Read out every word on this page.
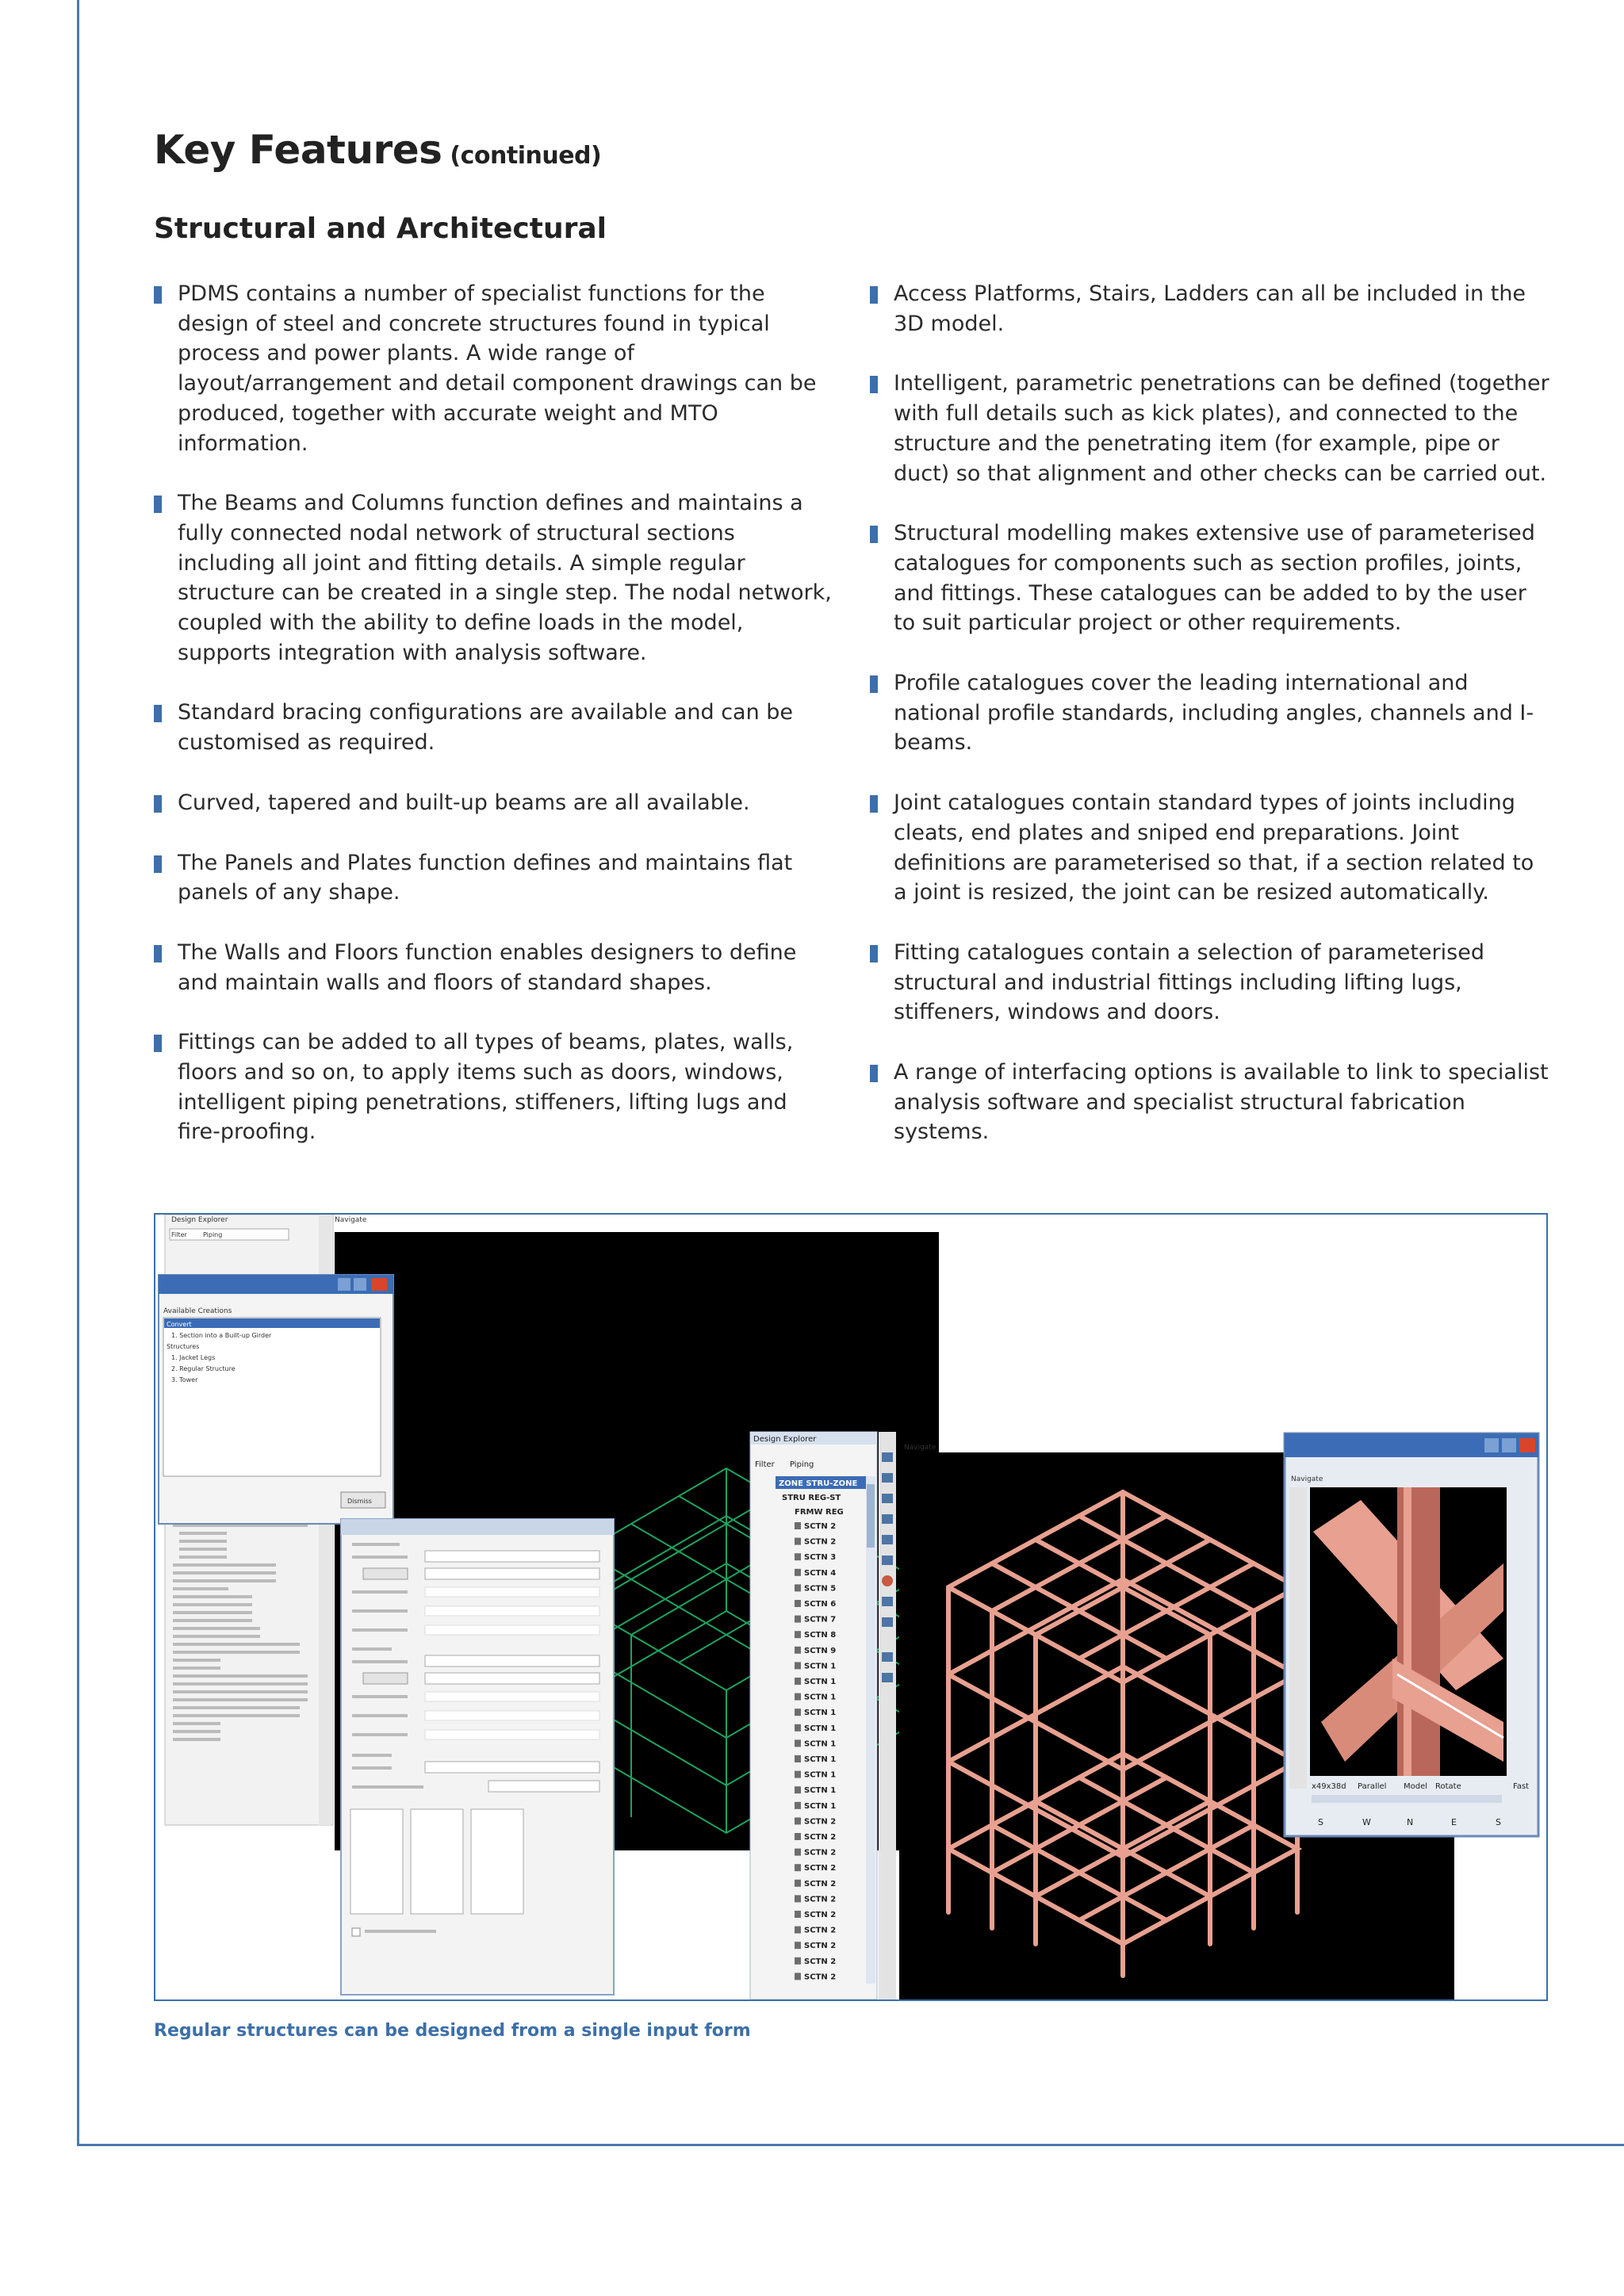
Key Features (continued)
Structural and Architectural
PDMS contains a number of specialist functions for the design of steel and concrete structures found in typical process and power plants. A wide range of layout/arrangement and detail component drawings can be produced, together with accurate weight and MTO information.
The Beams and Columns function defines and maintains a fully connected nodal network of structural sections including all joint and fitting details. A simple regular structure can be created in a single step. The nodal network, coupled with the ability to define loads in the model, supports integration with analysis software.
Standard bracing configurations are available and can be customised as required.
Curved, tapered and built-up beams are all available.
The Panels and Plates function defines and maintains flat panels of any shape.
The Walls and Floors function enables designers to define and maintain walls and floors of standard shapes.
Fittings can be added to all types of beams, plates, walls, floors and so on, to apply items such as doors, windows, intelligent piping penetrations, stiffeners, lifting lugs and fire-proofing.
Access Platforms, Stairs, Ladders can all be included in the 3D model.
Intelligent, parametric penetrations can be defined (together with full details such as kick plates), and connected to the structure and the penetrating item (for example, pipe or duct) so that alignment and other checks can be carried out.
Structural modelling makes extensive use of parameterised catalogues for components such as section profiles, joints, and fittings. These catalogues can be added to by the user to suit particular project or other requirements.
Profile catalogues cover the leading international and national profile standards, including angles, channels and I-beams.
Joint catalogues contain standard types of joints including cleats, end plates and sniped end preparations. Joint definitions are parameterised so that, if a section related to a joint is resized, the joint can be resized automatically.
Fitting catalogues contain a selection of parameterised structural and industrial fittings including lifting lugs, stiffeners, windows and doors.
A range of interfacing options is available to link to specialist analysis software and specialist structural fabrication systems.
Design Explorer
Filter	Piping
Navigate
Available Creations
Convert
1. Section into a Built-up Girder
Structures
1. Jacket Legs
2. Regular Structure
3. Tower
Dismiss
Design Explorer
Filter Piping
ZONE STRU-ZONE
STRU REG-ST
FRMW REG
SCTN 2
SCTN 2
SCTN 3
SCTN 4
SCTN 5
SCTN 6
SCTN 7
SCTN 8
SCTN 9
SCTN 1
SCTN 1
SCTN 1
SCTN 1
SCTN 1
SCTN 1
SCTN 1
SCTN 1
SCTN 1
SCTN 1
SCTN 2
SCTN 2
SCTN 2
SCTN 2
SCTN 2
SCTN 2
SCTN 2
SCTN 2
SCTN 2
SCTN 2
SCTN 2
Navigate
Navigate
x49x38d Parallel Model Rotate	Fast
S	W	N	E	S

Regular structures can be designed from a single input form
